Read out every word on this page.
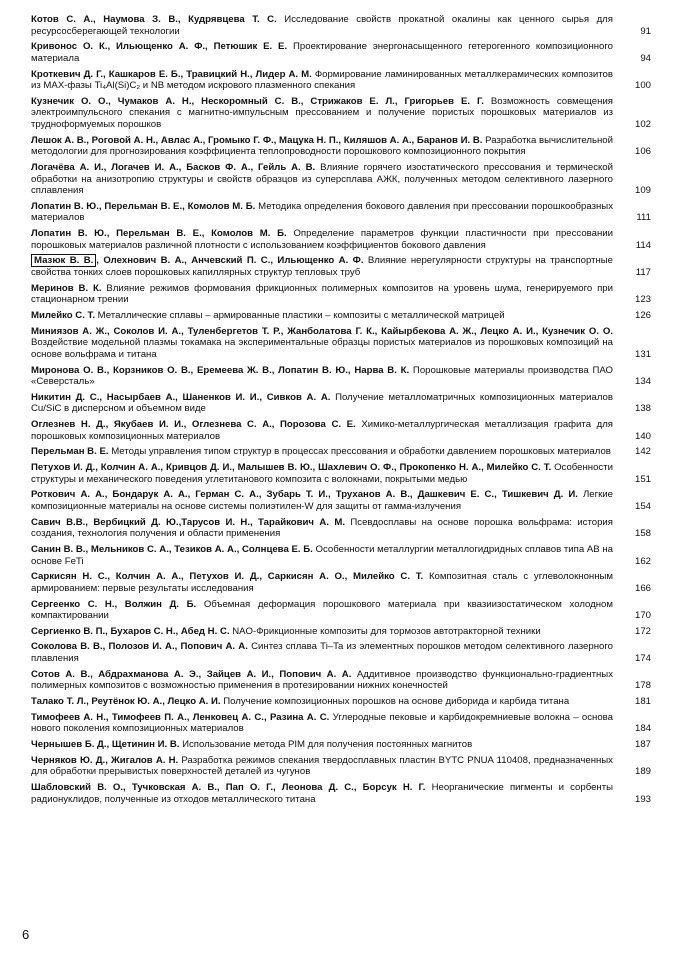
Котов С. А., Наумова З. В., Кудрявцева Т. С. Исследование свойств прокатной окалины как ценного сырья для ресурсосберегающей технологии	91
Кривонос О. К., Ильющенко А. Ф., Петюшик Е. Е. Проектирование энергонасыщенного гетерогенного композиционного материала	94
Кроткевич Д. Г., Кашкаров Е. Б., Травицкий Н., Лидер А. М. Формирование ламинированных металлкерамических композитов из MAX-фазы Ti₄Al(Si)C₂ и NB методом искрового плазменного спекания	100
Кузнечик О. О., Чумаков А. Н., Нескоромный С. В., Стрижаков Е. Л., Григорьев Е. Г. Возможность совмещения электроимпульсного спекания с магнитно-импульсным прессованием и получение пористых порошковых материалов из труднoформуемых порошков	102
Лешок А. В., Роговой А. Н., Авлас А., Громыко Г. Ф., Мацука Н. П., Киляшов А. А., Баранов И. В. Разработка вычислительной методологии для прогнозирования коэффициента теплопроводности порошкового композиционного покрытия	106
Логачёва А. И., Логачев И. А., Басков Ф. А., Гейль А. В. Влияние горячего изостатического прессования и термической обработки на анизотропию структуры и свойств образцов из суперсплава АЖК, полученных методом селективного лазерного сплавления	109
Лопатин В. Ю., Перельман В. Е., Комолов М. Б. Методика определения бокового давления при прессовании порошкообразных материалов	111
Лопатин В. Ю., Перельман В. Е., Комолов М. Б. Определение параметров функции пластичности при прессовании порошковых материалов различной плотности с использованием коэффициентов бокового давления	114
Мазюк В. В. , Олехнович В. А., Анчевский П. С., Ильющенко А. Ф. Влияние нерегулярности структуры на транспортные свойства тонких слоев порошковых капиллярных структур тепловых труб	117
Меринов В. К. Влияние режимов формования фрикционных полимерных композитов на уровень шума, генерируемого при стационарном трении	123
Милейко С. Т. Металлические сплавы – армированные пластики – композиты с металлической матрицей	126
Миниязов А. Ж., Соколов И. А., Туленбергетов Т. Р., Жанболатова Г. К., Кайырбекова А. Ж., Лецко А. И., Кузнечик О. О. Воздействие модельной плазмы токамака на экспериментальные образцы пористых материалов из порошковых композиций на основе вольфрама и титана	131
Миронова О. В., Корзников О. В., Еремеева Ж. В., Лопатин В. Ю., Нарва В. К. Порошковые материалы производства ПАО «Северсталь»	134
Никитин Д. С., Насырбаев А., Шаненков И. И., Сивков А. А. Получение металломатричных композиционных материалов Cu/SiC в дисперсном и объемном виде	138
Оглезнев Н. Д., Якубаев И. И., Оглезнева С. А., Порозова С. Е. Химико-металлургическая металлизация графита для порошковых композиционных материалов	140
Перельман В. Е. Методы управления типом структур в процессах прессования и обработки давлением порошковых материалов	142
Петухов И. Д., Колчин А. А., Кривцов Д. И., Малышев В. Ю., Шахлевич О. Ф., Прокопенко Н. А., Милейко С. Т. Особенности структуры и механического поведения углетитанового композита с волокнами, покрытыми медью	151
Роткович А. А., Бондарук А. А., Герман С. А., Зубарь Т. И., Труханов А. В., Дашкевич Е. С., Тишкевич Д. И. Легкие композиционные материалы на основе системы полиэтилен-W для защиты от гамма-излучения	154
Савич В.В., Вербицкий Д. Ю.,Тарусов И. Н., Тарайкович А. М. Псевдосплавы на основе порошка вольфрама: история создания, технология получения и области применения	158
Санин В. В., Мельников С. А., Тезиков А. А., Солнцева Е. Б. Особенности металлургии металлогидридных сплавов типа АВ на основе FeTi	162
Саркисян Н. С., Колчин А. А., Петухов И. Д., Саркисян А. О., Милейко С. Т. Композитная сталь с углеволокнонным армированием: первые результаты исследования	166
Сергеенко С. Н., Волжин Д. Б. Объемная деформация порошкового материала при квазиизостатическом холодном компактировании	170
Сергиенко В. П., Бухаров С. Н., Абед Н. С. NAO-Фрикционные композиты для тормозов автотракторной техники	172
Соколова В. В., Полозов И. А., Попович А. А. Синтез сплава Ti–Ta из элементных порошков методом селективного лазерного плавления	174
Сотов А. В., Абдрахманова А. Э., Зайцев А. И., Попович А. А. Аддитивное производство функционально-градиентных полимерных композитов с возможностью применения в протезировании нижних конечностей	178
Талако Т. Л., Реутёнок Ю. А., Лецко А. И. Получение композиционных порошков на основе диборида и карбида титана	181
Тимофеев А. Н., Тимофеев П. А., Ленковец А. С., Разина А. С. Углеродные пековые и карбидокремниевые волокна – основа нового поколения композиционных материалов	184
Чернышев Б. Д., Щетинин И. В. Использование метода PIM для получения постоянных магнитов	187
Черняков Ю. Д., Жигалов А. Н. Разработка режимов спекания твердосплавных пластин BYTC PNUA 110408, предназначенных для обработки прерывистых поверхностей деталей из чугунов	189
Шабловский В. О., Тучковская А. В., Пап О. Г., Леонова Д. С., Борсук Н. Г. Неорганические пигменты и сорбенты радионуклидов, полученные из отходов металлического титана	193
6
